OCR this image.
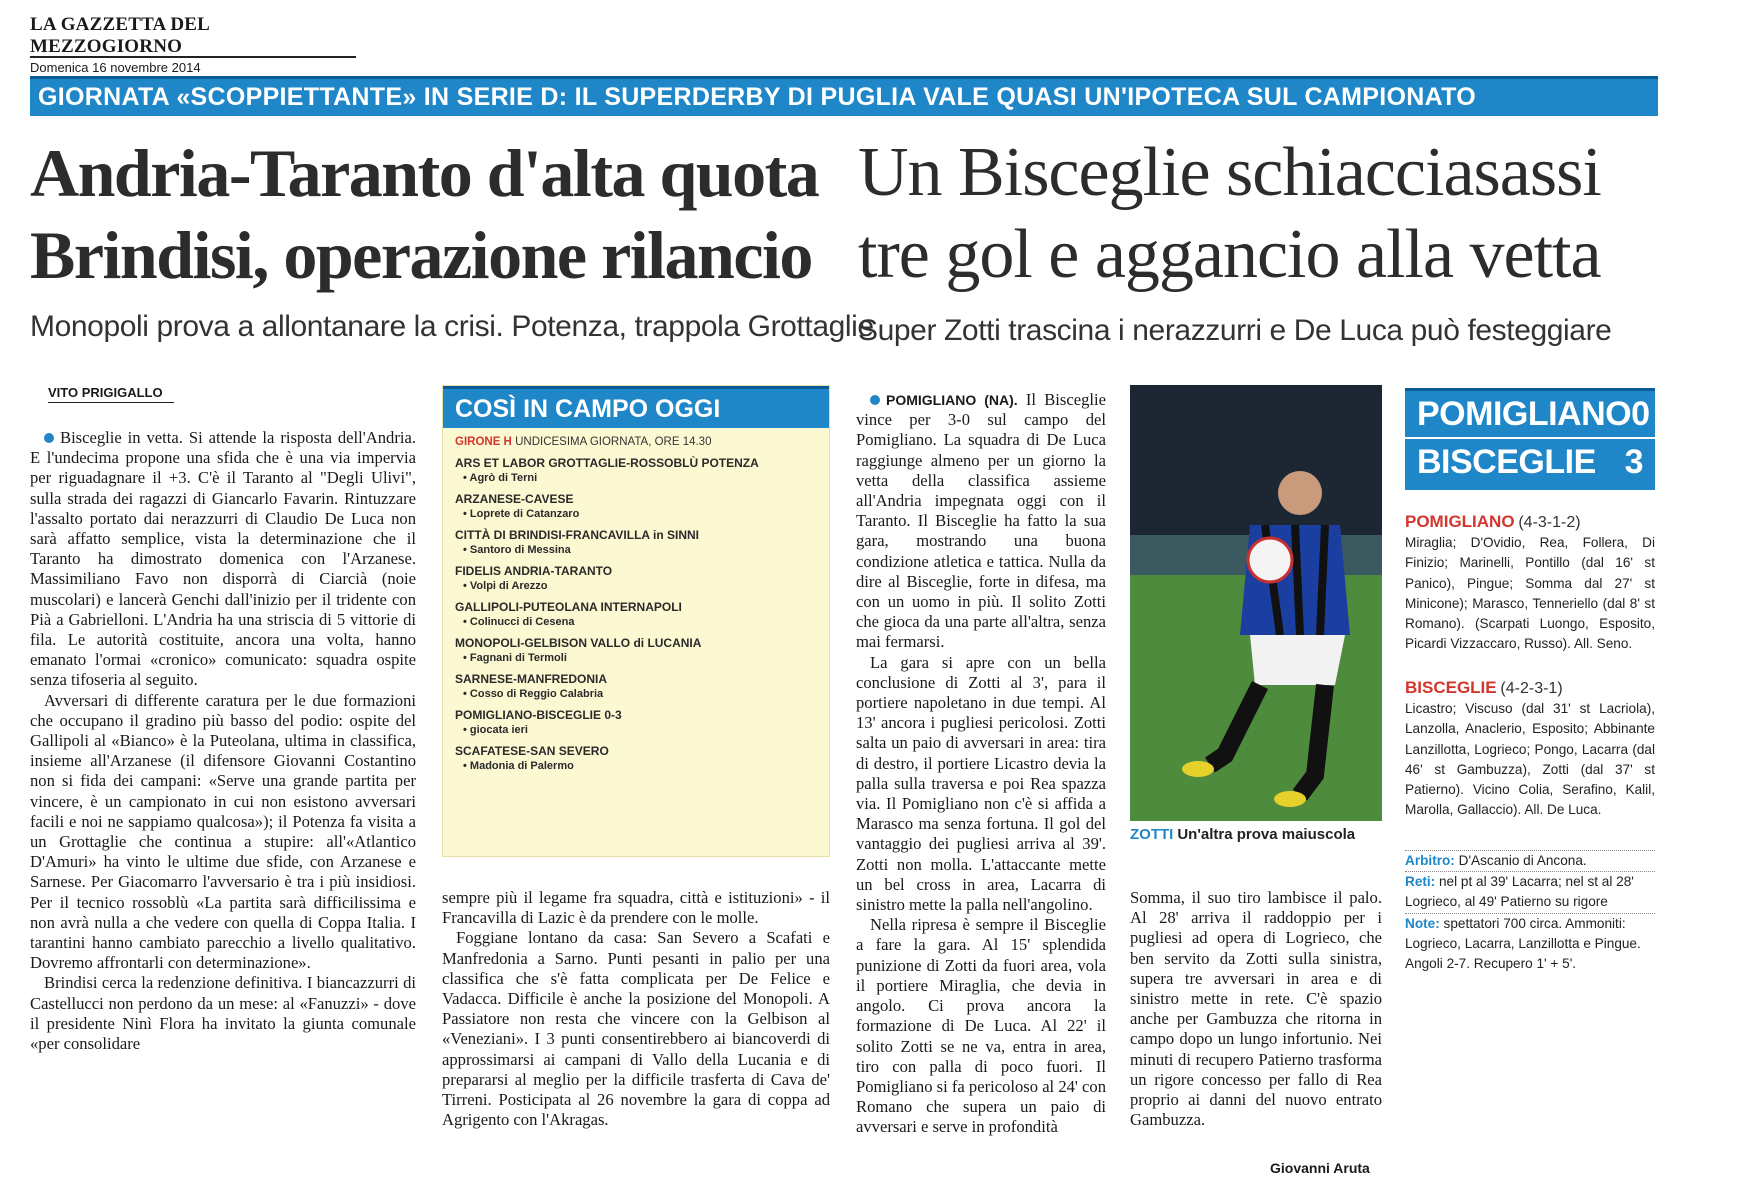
LA GAZZETTA DEL MEZZOGIORNO
Domenica 16 novembre 2014
GIORNATA «SCOPPIETTANTE» IN SERIE D: IL SUPERDERBY DI PUGLIA VALE QUASI UN'IPOTECA SUL CAMPIONATO
Andria-Taranto d'alta quota
Brindisi, operazione rilancio
Monopoli prova a allontanare la crisi. Potenza, trappola Grottaglie
Un Bisceglie schiacciasassi
tre gol e aggancio alla vetta
Super Zotti trascina i nerazzurri e De Luca può festeggiare
VITO PRIGIGALLO

Bisceglie in vetta. Si attende la risposta dell'Andria. E l'undecima propone una sfida che è una via impervia per riguadagnare il +3. C'è il Taranto al "Degli Ulivi", sulla strada dei ragazzi di Giancarlo Favarin. Rintuzzare l'assalto portato dai nerazzurri di Claudio De Luca non sarà affatto semplice, vista la determinazione che il Taranto ha dimostrato domenica con l'Arzanese. Massimiliano Favo non disporrà di Ciarcià (noie muscolari) e lancerà Genchi dall'inizio per il tridente con Pià a Gabrielloni. L'Andria ha una striscia di 5 vittorie di fila. Le autorità costituite, ancora una volta, hanno emanato l'ormai «cronico» comunicato: squadra ospite senza tifoseria al seguito.

Avversari di differente caratura per le due formazioni che occupano il gradino più basso del podio: ospite del Gallipoli al «Bianco» è la Puteolana, ultima in classifica, insieme all'Arzanese (il difensore Giovanni Costantino non si fida dei campani: «Serve una grande partita per vincere, è un campionato in cui non esistono avversari facili e noi ne sappiamo qualcosa»); il Potenza fa visita a un Grottaglie che continua a stupire: all'«Atlantico D'Amuri» ha vinto le ultime due sfide, con Arzanese e Sarnese. Per Giacomarro l'avversario è tra i più insidiosi. Per il tecnico rossoblù «La partita sarà difficilissima e non avrà nulla a che vedere con quella di Coppa Italia. I tarantini hanno cambiato parecchio a livello qualitativo. Dovremo affrontarli con determinazione».

Brindisi cerca la redenzione definitiva. I biancazzurri di Castellucci non perdono da un mese: al «Fanuzzi» - dove il presidente Ninì Flora ha invitato la giunta comunale «per consolidare

COSÌ IN CAMPO OGGI
GIRONE H UNDICESIMA GIORNATA, ORE 14.30
ARS ET LABOR GROTTAGLIE-ROSSOBLÙ POTENZA
• Agrò di Terni
ARZANESE-CAVESE
• Loprete di Catanzaro
CITTÀ DI BRINDISI-FRANCAVILLA in SINNI
• Santoro di Messina
FIDELIS ANDRIA-TARANTO
• Volpi di Arezzo
GALLIPOLI-PUTEOLANA INTERNAPOLI
• Colinucci di Cesena
MONOPOLI-GELBISON VALLO di LUCANIA
• Fagnani di Termoli
SARNESE-MANFREDONIA
• Cosso di Reggio Calabria
POMIGLIANO-BISCEGLIE 0-3
• giocata ieri
SCAFATESE-SAN SEVERO
• Madonia di Palermo

sempre più il legame fra squadra, città e istituzioni» - il Francavilla di Lazic è da prendere con le molle.

Foggiane lontano da casa: San Severo a Scafati e Manfredonia a Sarno. Punti pesanti in palio per una classifica che s'è fatta complicata per De Felice e Vadacca. Difficile è anche la posizione del Monopoli. A Passiatore non resta che vincere con la Gelbison al «Veneziani». I 3 punti consentirebbero ai biancoverdi di approssimarsi ai campani di Vallo della Lucania e di prepararsi al meglio per la difficile trasferta di Cava de' Tirreni. Posticipata al 26 novembre la gara di coppa ad Agrigento con l'Akragas.

POMIGLIANO (NA). Il Bisceglie vince per 3-0 sul campo del Pomigliano. La squadra di De Luca raggiunge almeno per un giorno la vetta della classifica assieme all'Andria impegnata oggi con il Taranto. Il Bisceglie ha fatto la sua gara, mostrando una buona condizione atletica e tattica. Nulla da dire al Bisceglie, forte in difesa, ma con un uomo in più. Il solito Zotti che gioca da una parte all'altra, senza mai fermarsi.

La gara si apre con un bella conclusione di Zotti al 3', para il portiere napoletano in due tempi. Al 13' ancora i pugliesi pericolosi. Zotti salta un paio di avversari in area: tira di destro, il portiere Licastro devia la palla sulla traversa e poi Rea spazza via. Il Pomigliano non c'è si affida a Marasco ma senza fortuna. Il gol del vantaggio dei pugliesi arriva al 39'. Zotti non molla. L'attaccante mette un bel cross in area, Lacarra di sinistro mette la palla nell'angolino.

Nella ripresa è sempre il Bisceglie a fare la gara. Al 15' splendida punizione di Zotti da fuori area, vola il portiere Miraglia, che devia in angolo. Ci prova ancora la formazione di De Luca. Al 22' il solito Zotti se ne va, entra in area, tiro con palla di poco fuori. Il Pomigliano si fa pericoloso al 24' con Romano che supera un paio di avversari e serve in profondità

ZOTTI Un'altra prova maiuscola

Somma, il suo tiro lambisce il palo. Al 28' arriva il raddoppio per i pugliesi ad opera di Logrieco, che ben servito da Zotti sulla sinistra, supera tre avversari in area e di sinistro mette in rete. C'è spazio anche per Gambuzza che ritorna in campo dopo un lungo infortunio. Nei minuti di recupero Patierno trasforma un rigore concesso per fallo di Rea proprio ai danni del nuovo entrato Gambuzza.

Giovanni Aruta
POMIGLIANO 0
BISCEGLIE 3
POMIGLIANO (4-3-1-2)
Miraglia; D'Ovidio, Rea, Follera, Di Finizio; Marinelli, Pontillo (dal 16' st Panico), Pingue; Somma dal 27' st Minicone); Marasco, Tenneriello (dal 8' st Romano). (Scarpati Luongo, Esposito, Picardi Vizzaccaro, Russo). All. Seno.
BISCEGLIE (4-2-3-1)
Licastro; Viscuso (dal 31' st Lacriola), Lanzolla, Anaclerio, Esposito; Abbinante Lanzillotta, Logrieco; Pongo, Lacarra (dal 46' st Gambuzza), Zotti (dal 37' st Patierno). Vicino Colia, Serafino, Kalil, Marolla, Gallaccio). All. De Luca.
Arbitro: D'Ascanio di Ancona.
Reti: nel pt al 39' Lacarra; nel st al 28' Logrieco, al 49' Patierno su rigore
Note: spettatori 700 circa. Ammoniti: Logrieco, Lacarra, Lanzillotta e Pingue. Angoli 2-7. Recupero 1' + 5'.
